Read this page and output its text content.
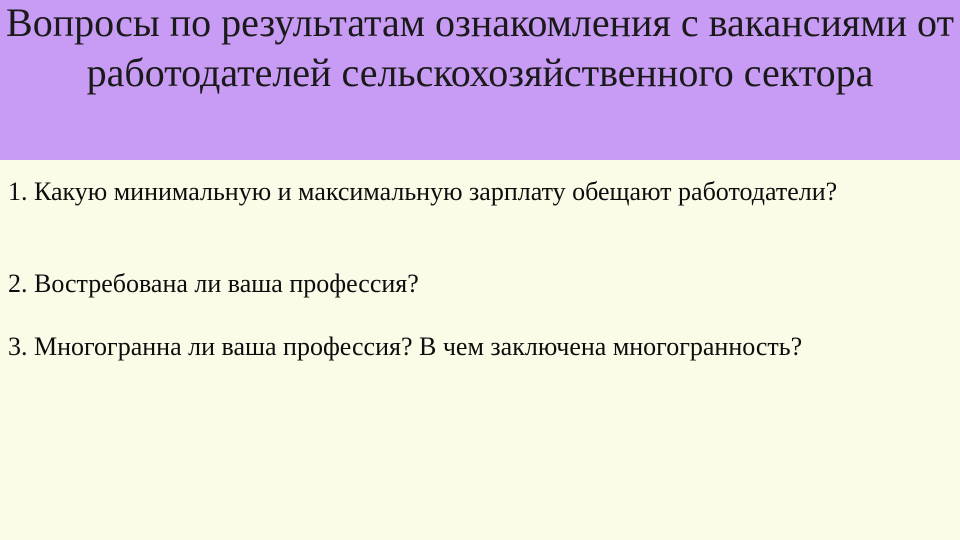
Вопросы по результатам ознакомления с вакансиями от работодателей сельскохозяйственного сектора
1. Какую минимальную и максимальную зарплату обещают работодатели?
2. Востребована ли ваша профессия?
3. Многогранна ли ваша профессия? В чем заключена многогранность?
